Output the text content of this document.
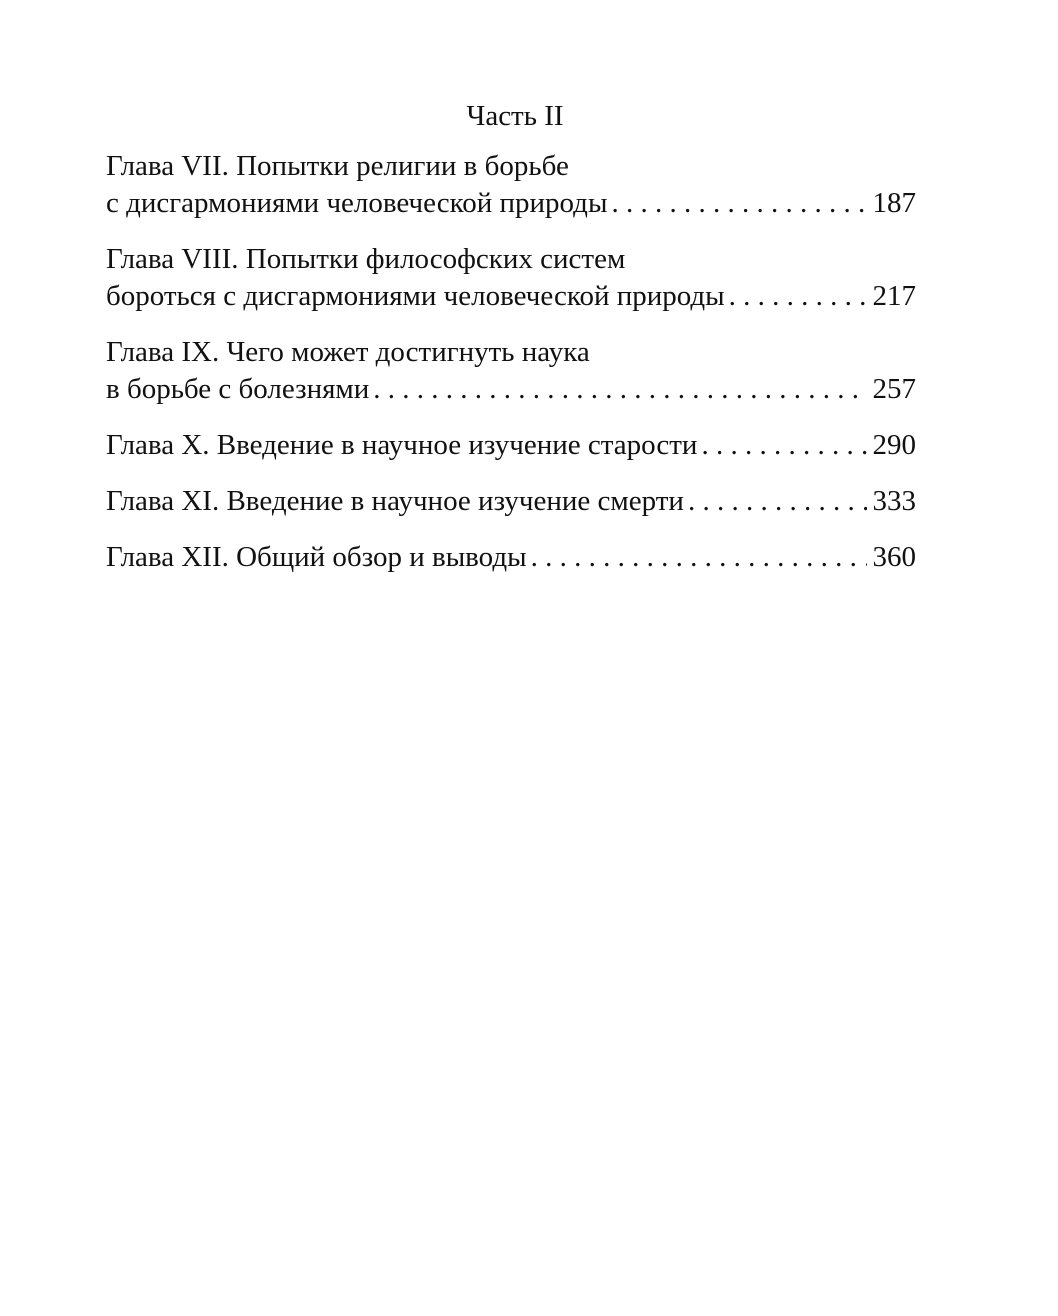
Часть II
Глава VII. Попытки религии в борьбе
с дисгармониями человеческой природы . . .	187
Глава VIII. Попытки философских систем
бороться с дисгармониями человеческой природы . . .	217
Глава IX. Чего может достигнуть наука
в борьбе с болезнями . . .	257
Глава X. Введение в научное изучение старости . . .	290
Глава XI. Введение в научное изучение смерти . . .	333
Глава XII. Общий обзор и выводы . . .	360
